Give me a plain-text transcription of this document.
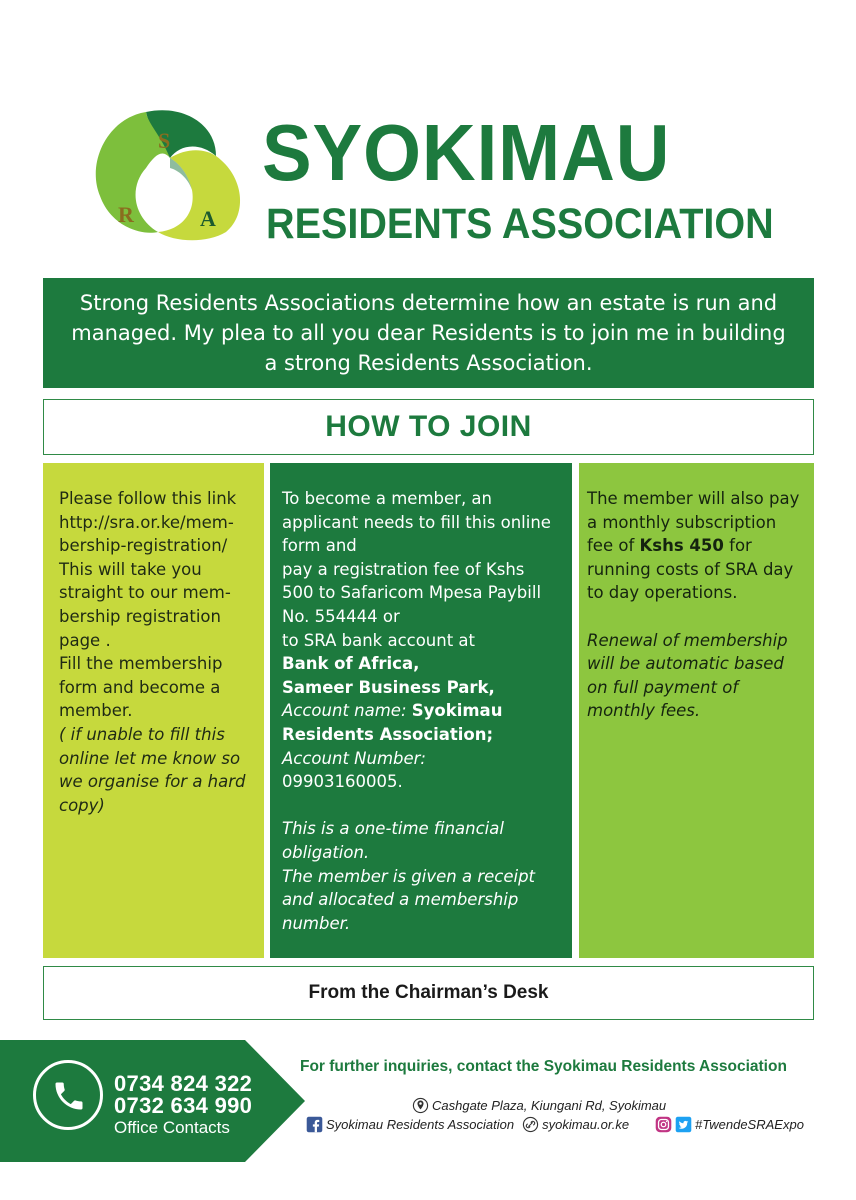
S
R	A
SYOKIMAU
RESIDENTS ASSOCIATION
Strong Residents Associations determine how an estate is run and managed. My plea to all you dear Residents is to join me in building a strong Residents Association.
HOW TO JOIN

Please follow this link

http://sra.or.ke/mem-
bership-registration/

This will take you

straight to our mem-

bership registration

page .

Fill the membership

form and become a

member.

( if unable to fill this

online let me know so

we organise for a hard

copy)

To become a member, an

applicant needs to fill this online

form and

pay a registration fee of Kshs

500 to Safaricom Mpesa Paybill

No. 554444 or

to SRA bank account at

Bank of Africa,

Sameer Business Park,

Account name: Syokimau

Residents Association;

Account Number:

09903160005.

This is a one-time financial

obligation.

The member is given a receipt

and allocated a membership

number.

The member will also pay

a monthly subscription

fee of Kshs 450 for

running costs of SRA day

to day operations.

Renewal of membership

will be automatic based

on full payment of

monthly fees.

From the Chairman’s Desk
0734 824 322
0732 634 990
Office Contacts
For further inquiries, contact the Syokimau Residents Association
Cashgate Plaza, Kiungani Rd, Syokimau
Syokimau Residents Association syokimau.or.ke	#TwendeSRAExpo
